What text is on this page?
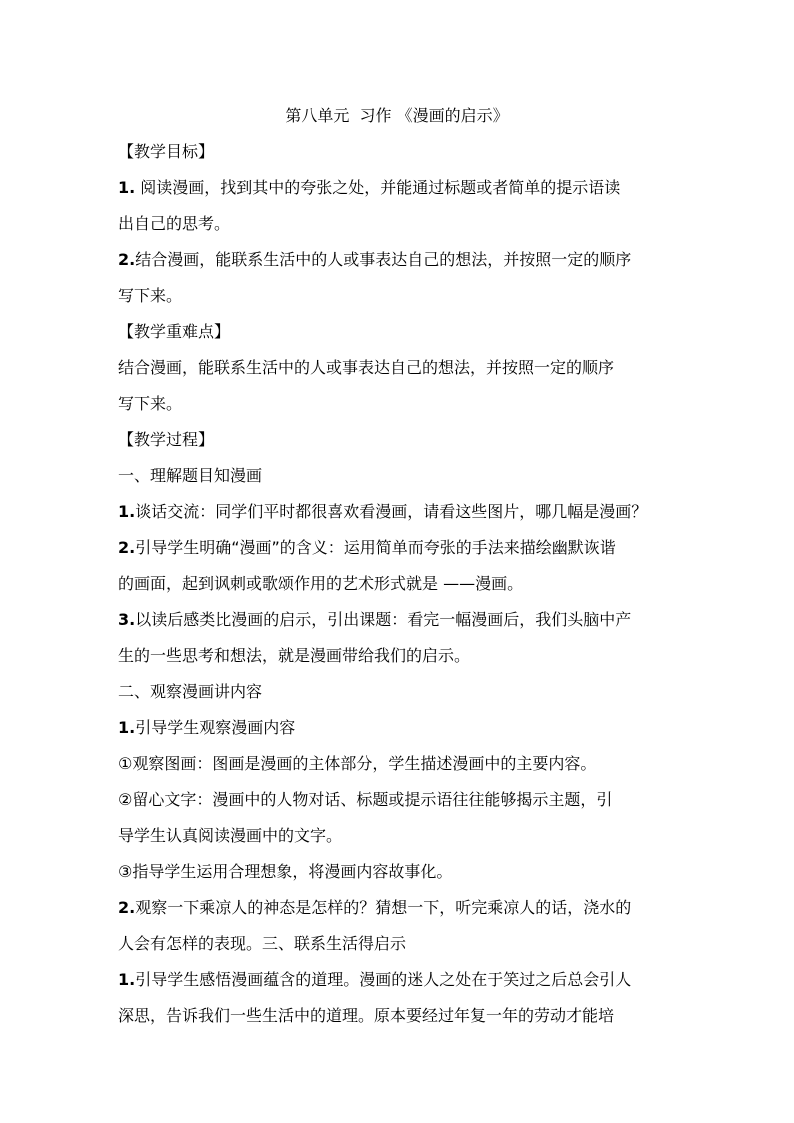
第八单元  习作 《漫画的启示》
【教学目标】
1. 阅读漫画，找到其中的夸张之处，并能通过标题或者简单的提示语读
出自己的思考。
2.结合漫画，能联系生活中的人或事表达自己的想法，并按照一定的顺序
写下来。
【教学重难点】
结合漫画，能联系生活中的人或事表达自己的想法，并按照一定的顺序
写下来。
【教学过程】
一、理解题目知漫画
1.谈话交流：同学们平时都很喜欢看漫画，请看这些图片，哪几幅是漫画？
2.引导学生明确“漫画”的含义：运用简单而夸张的手法来描绘幽默诙谐
的画面，起到讽刺或歌颂作用的艺术形式就是 ——漫画。
3.以读后感类比漫画的启示，引出课题：看完一幅漫画后，我们头脑中产
生的一些思考和想法，就是漫画带给我们的启示。
二、观察漫画讲内容
1.引导学生观察漫画内容
①观察图画：图画是漫画的主体部分，学生描述漫画中的主要内容。
②留心文字：漫画中的人物对话、标题或提示语往往能够揭示主题，引
导学生认真阅读漫画中的文字。
③指导学生运用合理想象，将漫画内容故事化。
2.观察一下乘凉人的神态是怎样的？猜想一下，听完乘凉人的话，浇水的
人会有怎样的表现。三、联系生活得启示
1.引导学生感悟漫画蕴含的道理。漫画的迷人之处在于笑过之后总会引人
深思，告诉我们一些生活中的道理。原本要经过年复一年的劳动才能培
